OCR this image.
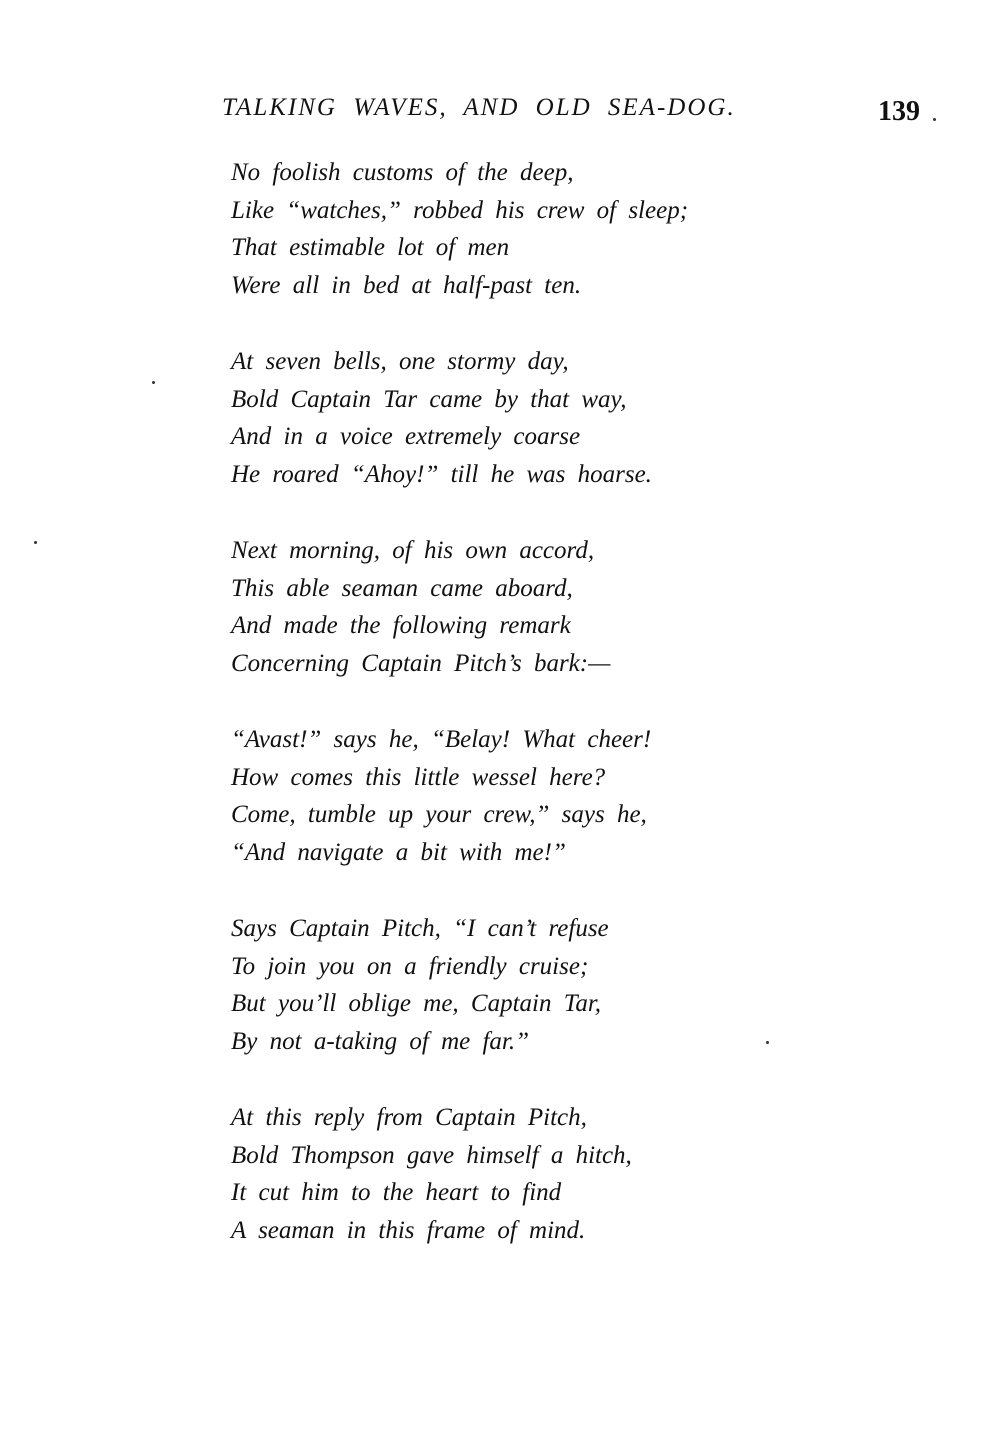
TALKING WAVES, AND OLD SEA-DOG.	139
No foolish customs of the deep,
Like “watches,” robbed his crew of sleep;
That estimable lot of men
Were all in bed at half-past ten.
At seven bells, one stormy day,
Bold Captain Tar came by that way,
And in a voice extremely coarse
He roared “Ahoy!” till he was hoarse.
Next morning, of his own accord,
This able seaman came aboard,
And made the following remark
Concerning Captain Pitch’s bark:—
“Avast!” says he, “Belay! What cheer!
How comes this little wessel here?
Come, tumble up your crew,” says he,
“And navigate a bit with me!”
Says Captain Pitch, “I can’t refuse
To join you on a friendly cruise;
But you’ll oblige me, Captain Tar,
By not a-taking of me far.”
At this reply from Captain Pitch,
Bold Thompson gave himself a hitch,
It cut him to the heart to find
A seaman in this frame of mind.
